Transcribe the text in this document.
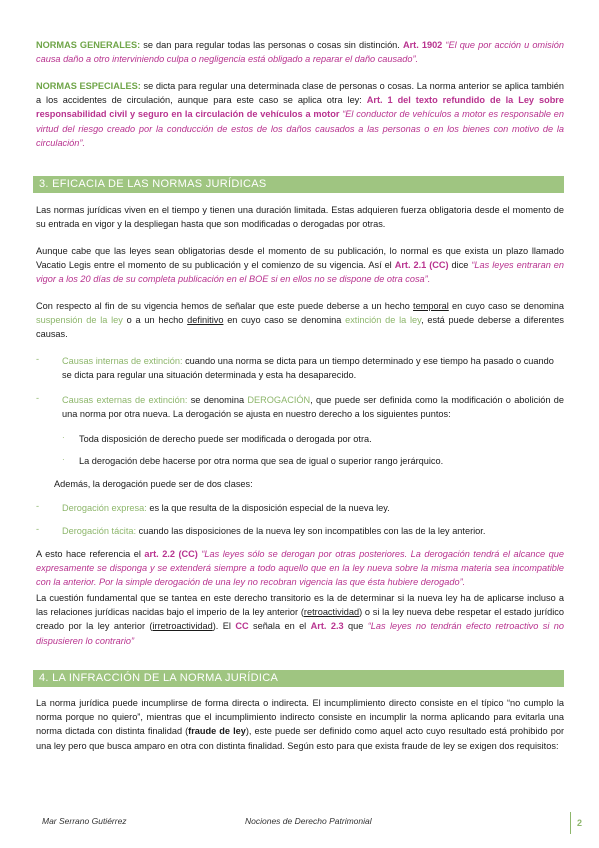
NORMAS GENERALES: se dan para regular todas las personas o cosas sin distinción. Art. 1902 “El que por acción u omisión causa daño a otro interviniendo culpa o negligencia está obligado a reparar el daño causado”.

NORMAS ESPECIALES: se dicta para regular una determinada clase de personas o cosas. La norma anterior se aplica también a los accidentes de circulación, aunque para este caso se aplica otra ley: Art. 1 del texto refundido de la Ley sobre responsabilidad civil y seguro en la circulación de vehículos a motor “El conductor de vehículos a motor es responsable en virtud del riesgo creado por la conducción de estos de los daños causados a las personas o en los bienes con motivo de la circulación”.

3. EFICACIA DE LAS NORMAS JURÍDICAS

Las normas jurídicas viven en el tiempo y tienen una duración limitada. Estas adquieren fuerza obligatoria desde el momento de su entrada en vigor y la despliegan hasta que son modificadas o derogadas por otras.

Aunque cabe que las leyes sean obligatorias desde el momento de su publicación, lo normal es que exista un plazo llamado Vacatio Legis entre el momento de su publicación y el comienzo de su vigencia. Así el Art. 2.1 (CC) dice “Las leyes entraran en vigor a los 20 días de su completa publicación en el BOE si en ellos no se dispone de otra cosa”.

Con respecto al fin de su vigencia hemos de señalar que este puede deberse a un hecho temporal en cuyo caso se denomina suspensión de la ley o a un hecho definitivo en cuyo caso se denomina extinción de la ley, está puede deberse a diferentes causas.

- Causas internas de extinción: cuando una norma se dicta para un tiempo determinado y ese tiempo ha pasado o cuando se dicta para regular una situación determinada y esta ha desaparecido.

- Causas externas de extinción: se denomina DEROGACIÓN, que puede ser definida como la modificación o abolición de una norma por otra nueva. La derogación se ajusta en nuestro derecho a los siguientes puntos:

· Toda disposición de derecho puede ser modificada o derogada por otra.

· La derogación debe hacerse por otra norma que sea de igual o superior rango jerárquico.

Además, la derogación puede ser de dos clases:

- Derogación expresa: es la que resulta de la disposición especial de la nueva ley.

- Derogación tácita: cuando las disposiciones de la nueva ley son incompatibles con las de la ley anterior.

A esto hace referencia el art. 2.2 (CC) “Las leyes sólo se derogan por otras posteriores. La derogación tendrá el alcance que expresamente se disponga y se extenderá siempre a todo aquello que en la ley nueva sobre la misma materia sea incompatible con la anterior. Por la simple derogación de una ley no recobran vigencia las que ésta hubiere derogado”.

La cuestión fundamental que se tantea en este derecho transitorio es la de determinar si la nueva ley ha de aplicarse incluso a las relaciones jurídicas nacidas bajo el imperio de la ley anterior (retroactividad) o si la ley nueva debe respetar el estado jurídico creado por la ley anterior (irretroactividad). El CC señala en el Art. 2.3 que “Las leyes no tendrán efecto retroactivo si no dispusieren lo contrario”

4. LA INFRACCIÓN DE LA NORMA JURÍDICA

La norma jurídica puede incumplirse de forma directa o indirecta. El incumplimiento directo consiste en el típico “no cumplo la norma porque no quiero”, mientras que el incumplimiento indirecto consiste en incumplir la norma aplicando para evitarla una norma dictada con distinta finalidad (fraude de ley), este puede ser definido como aquel acto cuyo resultado está prohibido por una ley pero que busca amparo en otra con distinta finalidad. Según esto para que exista fraude de ley se exigen dos requisitos:

Mar Serrano Gutiérrez	Nociones de Derecho Patrimonial	2
